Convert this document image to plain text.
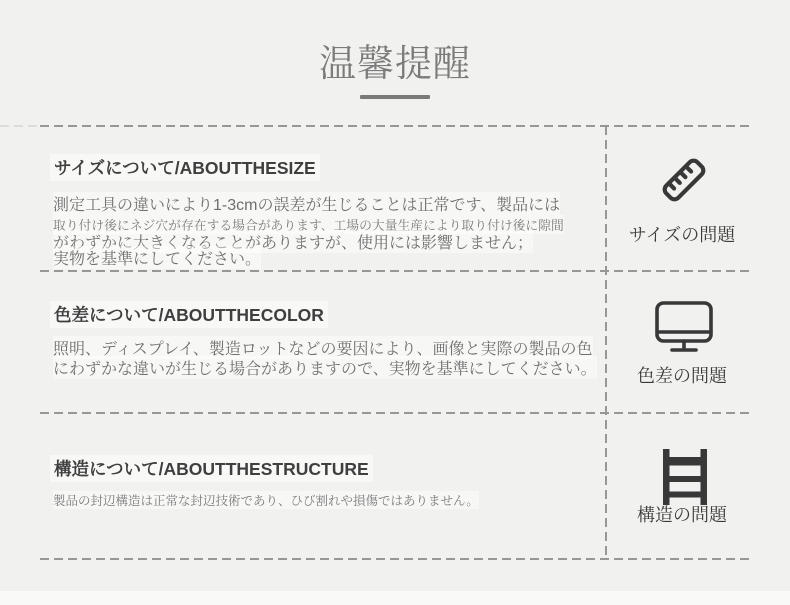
温馨提醒
サイズについて/ABOUTTHESIZE
測定工具の違いにより1-3cmの誤差が生じることは正常です、製品には
取り付け後にネジ穴が存在する場合があります、工場の大量生産により取り付け後に隙間
がわずかに大きくなることがありますが、使用には影響しません；
実物を基準にしてください。
サイズの問題
色差について/ABOUTTHECOLOR
照明、ディスプレイ、製造ロットなどの要因により、画像と実際の製品の色
にわずかな違いが生じる場合がありますので、実物を基準にしてください。	色差の問題
構造について/ABOUTTHESTRUCTURE
製品の封辺構造は正常な封辺技術であり、ひび割れや損傷ではありません。
構造の問題
